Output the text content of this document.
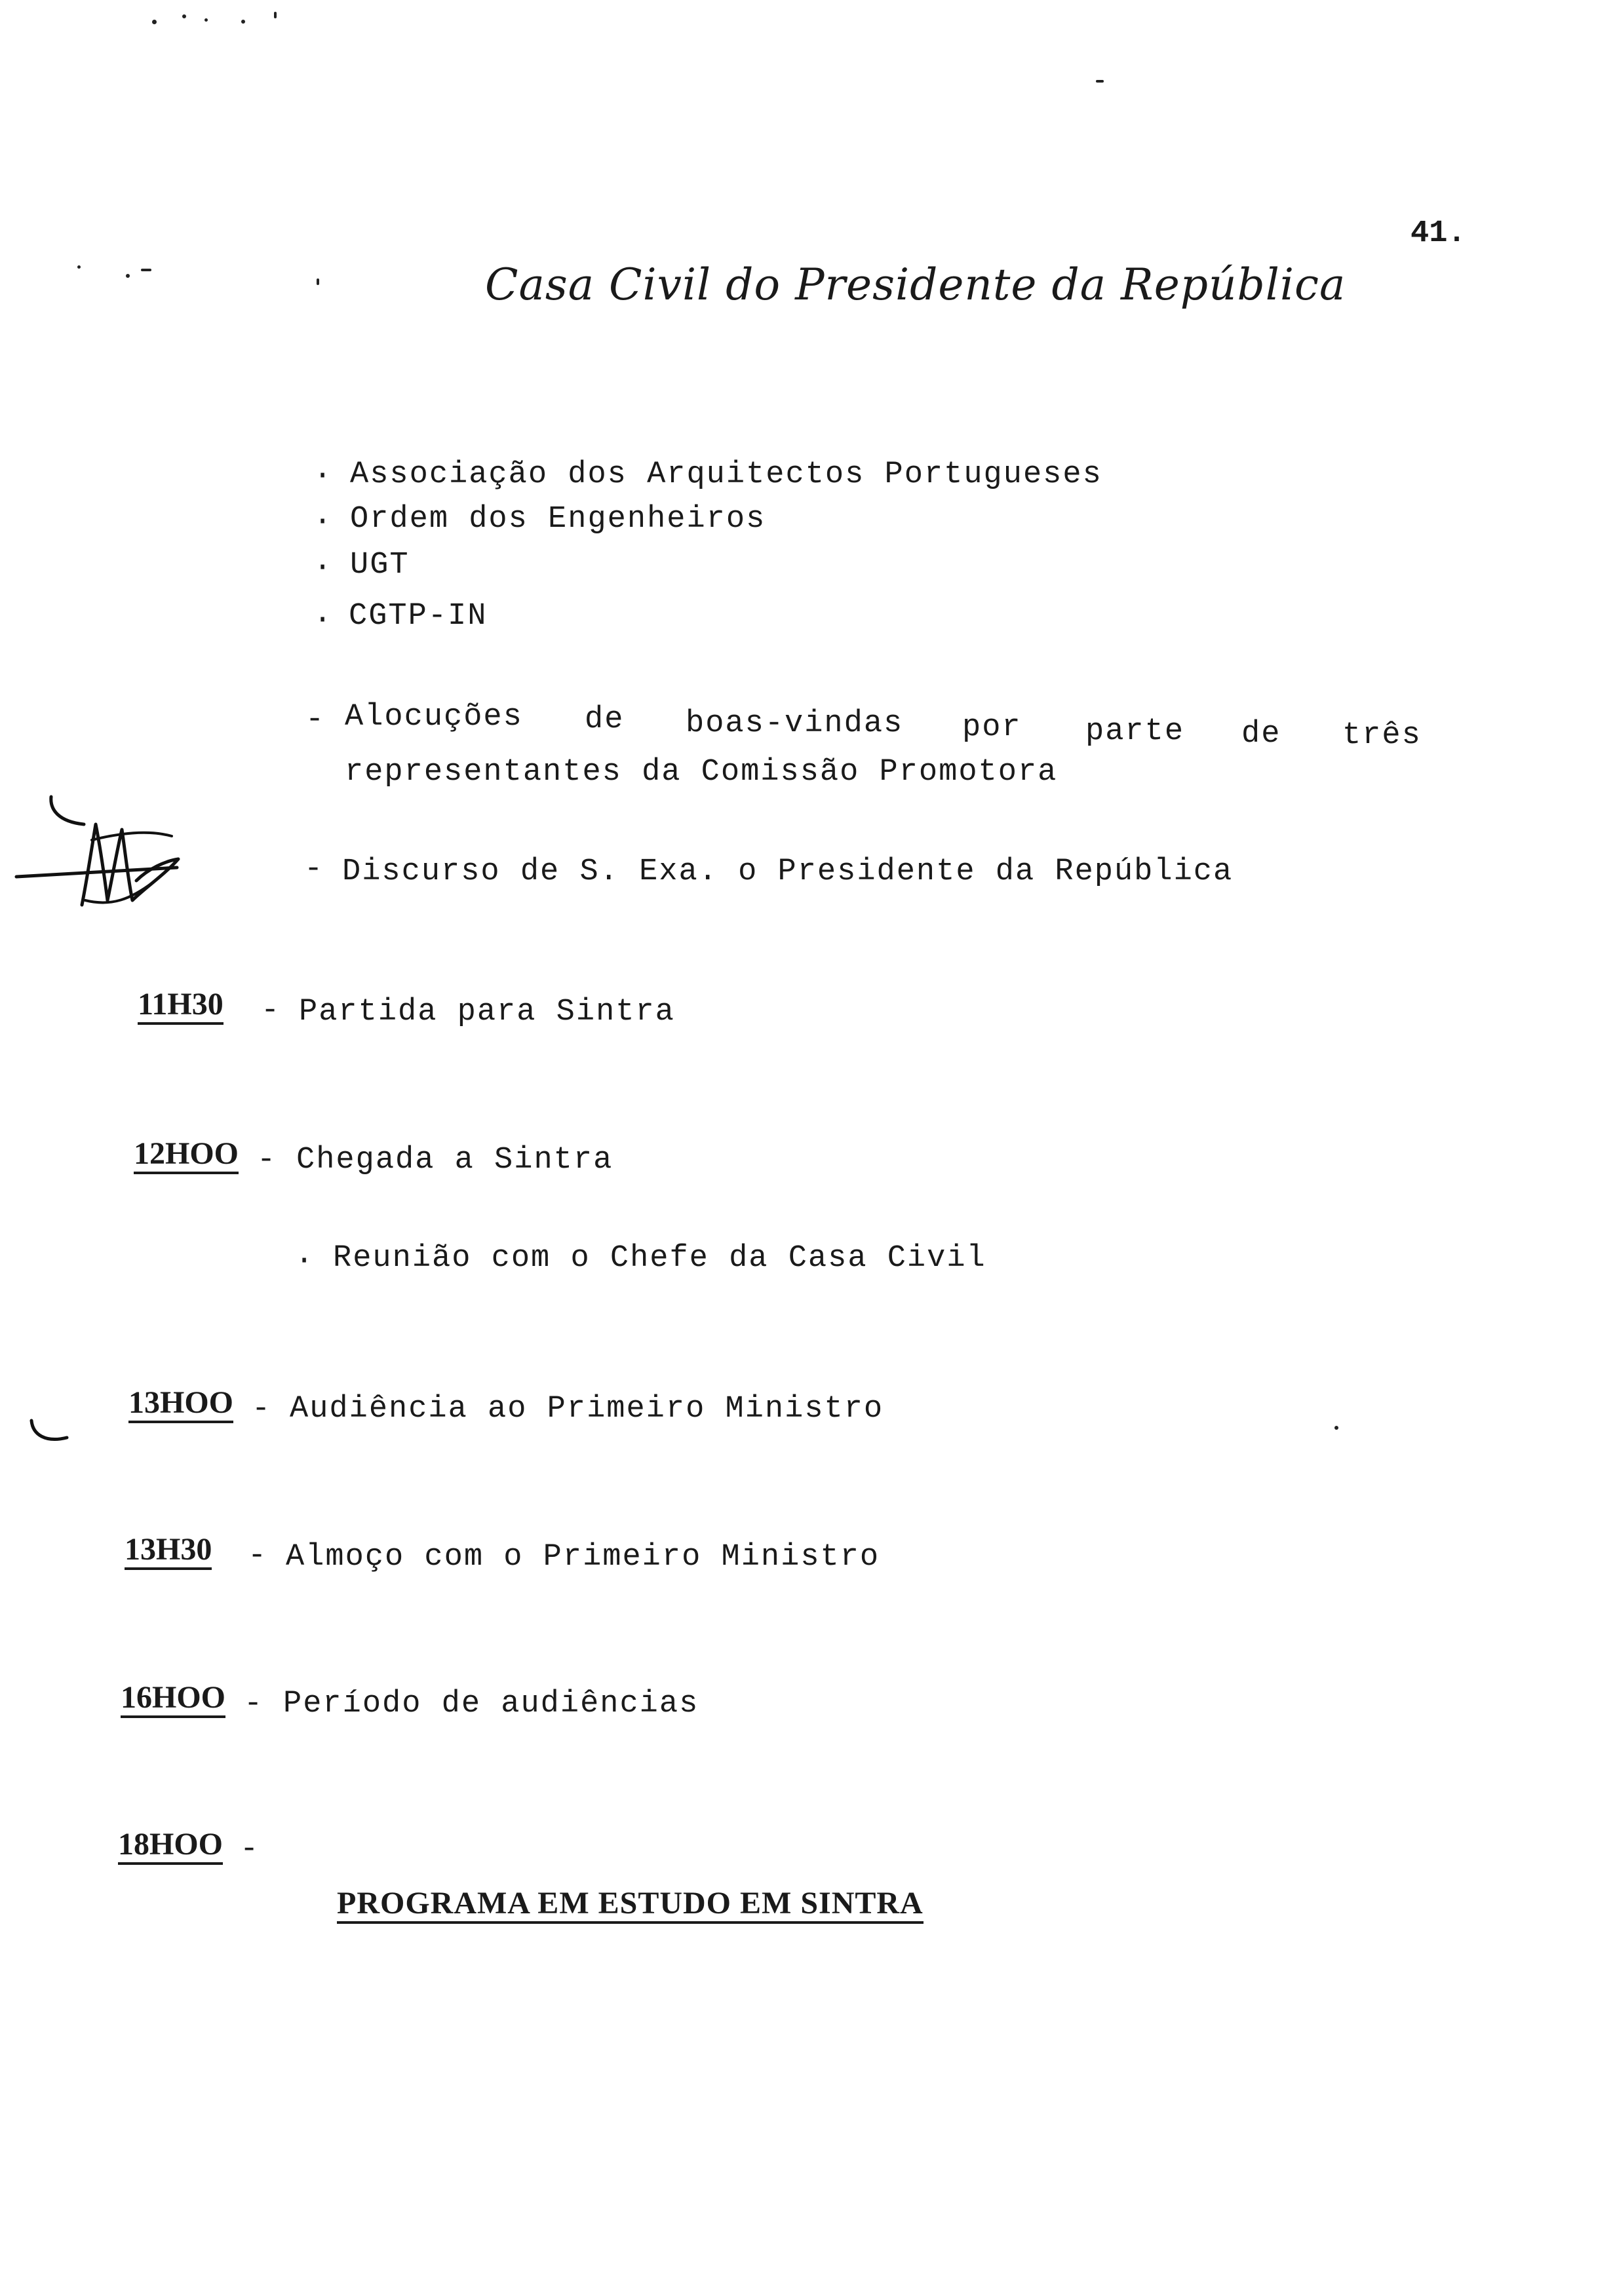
41.
Casa Civil do Presidente da República
· Associação dos Arquitectos Portugueses
· Ordem dos Engenheiros
· UGT
· CGTP-IN
- Alocuções de boas-vindas por parte de três
representantes da Comissão Promotora
- Discurso de S. Exa. o Presidente da República
11H30 - Partida para Sintra
12HOO - Chegada a Sintra
· Reunião com o Chefe da Casa Civil
13HOO - Audiência ao Primeiro Ministro
13H30 - Almoço com o Primeiro Ministro
16HOO - Período de audiências
18HOO -
PROGRAMA EM ESTUDO EM SINTRA
